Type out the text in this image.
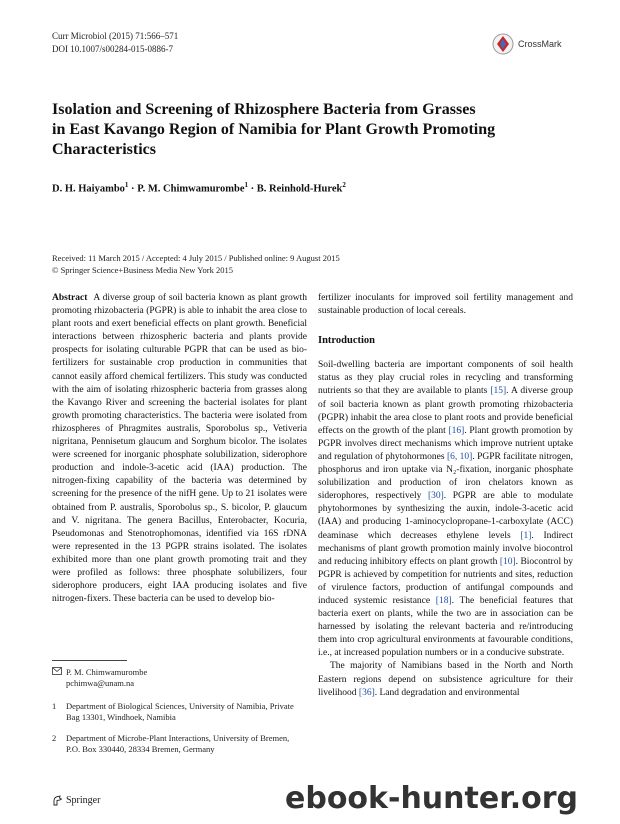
Curr Microbiol (2015) 71:566–571
DOI 10.1007/s00284-015-0886-7	CrossMark
Isolation and Screening of Rhizosphere Bacteria from Grasses
in East Kavango Region of Namibia for Plant Growth Promoting
Characteristics
D. H. Haiyambo$^1$ · P. M. Chimwamurombe$^1$ · B. Reinhold-Hurek$^2$
Received: 11 March 2015 / Accepted: 4 July 2015 / Published online: 9 August 2015
© Springer Science+Business Media New York 2015

Abstract A diverse group of soil bacteria known as plant growth promoting rhizobacteria (PGPR) is able to inhabit the area close to plant roots and exert beneficial effects on plant growth. Beneficial interactions between rhizospheric bacteria and plants provide prospects for isolating culturable PGPR that can be used as bio-fertilizers for sustainable crop production in communities that cannot easily afford chemical fertilizers. This study was conducted with the aim of isolating rhizospheric bacteria from grasses along the Kavango River and screening the bacterial isolates for plant growth promoting characteristics. The bacteria were isolated from rhizospheres of Phragmites australis, Sporobolus sp., Vetiveria nigritana, Pennisetum glaucum and Sorghum bicolor. The isolates were screened for inorganic phosphate solubilization, siderophore production and indole-3-acetic acid (IAA) production. The nitrogen-fixing capability of the bacteria was determined by screening for the presence of the nifH gene. Up to 21 isolates were obtained from P. australis, Sporobolus sp., S. bicolor, P. glaucum and V. nigritana. The genera Bacillus, Enterobacter, Kocuria, Pseudomonas and Stenotrophomonas, identified via 16S rDNA were represented in the 13 PGPR strains isolated. The isolates exhibited more than one plant growth promoting trait and they were profiled as follows: three phosphate solubilizers, four siderophore producers, eight IAA producing isolates and five nitrogen-fixers. These bacteria can be used to develop bio-

fertilizer inoculants for improved soil fertility management and sustainable production of local cereals.

Introduction

Soil-dwelling bacteria are important components of soil health status as they play crucial roles in recycling and transforming nutrients so that they are available to plants [15]. A diverse group of soil bacteria known as plant growth promoting rhizobacteria (PGPR) inhabit the area close to plant roots and provide beneficial effects on the growth of the plant [16]. Plant growth promotion by PGPR involves direct mechanisms which improve nutrient uptake and regulation of phytohormones [6, 10]. PGPR facilitate nitrogen, phosphorus and iron uptake via N₂-fixation, inorganic phosphate solubilization and production of iron chelators known as siderophores, respectively [30]. PGPR are able to modulate phytohormones by synthesizing the auxin, indole-3-acetic acid (IAA) and producing 1-aminocyclopropane-1-carboxylate (ACC) deaminase which decreases ethylene levels [1]. Indirect mechanisms of plant growth promotion mainly involve biocontrol and reducing inhibitory effects on plant growth [10]. Biocontrol by PGPR is achieved by competition for nutrients and sites, reduction of virulence factors, production of antifungal compounds and induced systemic resistance [18]. The beneficial features that bacteria exert on plants, while the two are in association can be harnessed by isolating the relevant bacteria and re/introducing them into crop agricultural environments at favourable conditions, i.e., at increased population numbers or in a conducive substrate.

The majority of Namibians based in the North and North Eastern regions depend on subsistence agriculture for their livelihood [36]. Land degradation and environmental

P. M. Chimwamurombe
pchimwa@unam.na
1 Department of Biological Sciences, University of Namibia, Private Bag 13301, Windhoek, Namibia
2 Department of Microbe-Plant Interactions, University of Bremen, P.O. Box 330440, 28334 Bremen, Germany
Springer	ebook-hunter.org
